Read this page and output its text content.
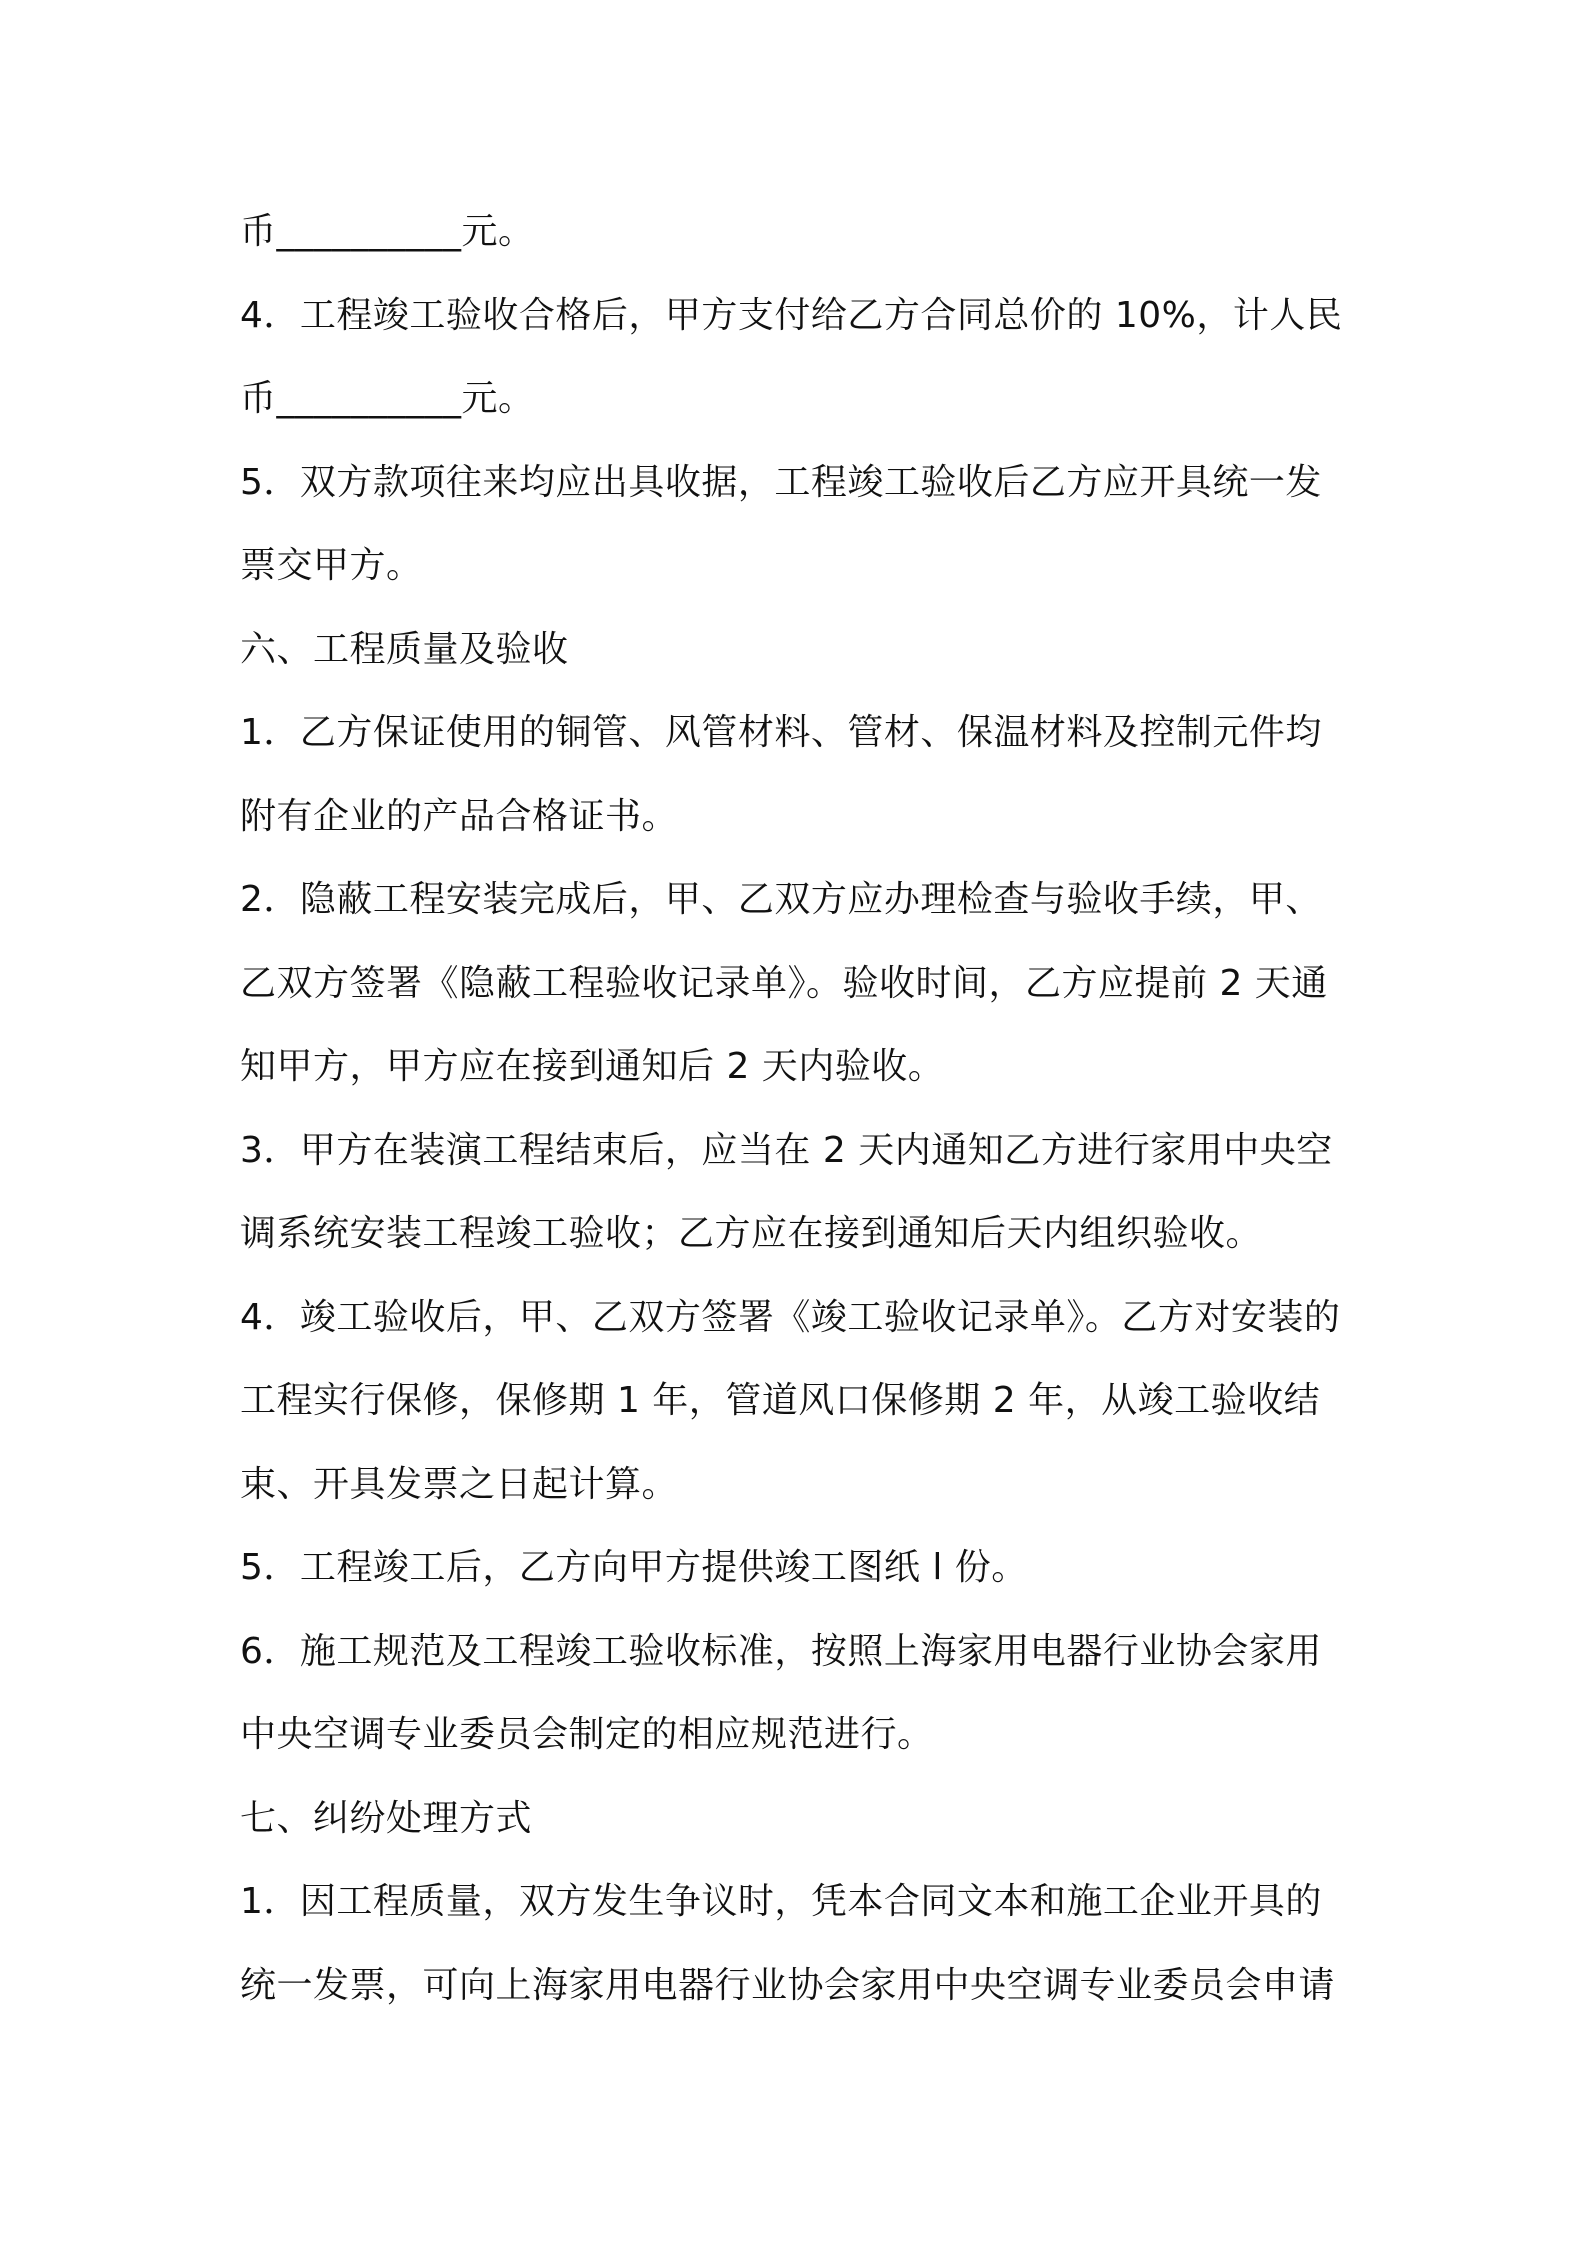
币__________元。
4．工程竣工验收合格后，甲方支付给乙方合同总价的 10%，计人民
币__________元。
5．双方款项往来均应出具收据，工程竣工验收后乙方应开具统一发
票交甲方。
六、工程质量及验收
1．乙方保证使用的铜管、风管材料、管材、保温材料及控制元件均
附有企业的产品合格证书。
2．隐蔽工程安装完成后，甲、乙双方应办理检查与验收手续，甲、
乙双方签署《隐蔽工程验收记录单》。验收时间，乙方应提前 2 天通
知甲方，甲方应在接到通知后 2 天内验收。
3．甲方在装演工程结束后，应当在 2 天内通知乙方进行家用中央空
调系统安装工程竣工验收；乙方应在接到通知后天内组织验收。
4．竣工验收后，甲、乙双方签署《竣工验收记录单》。乙方对安装的
工程实行保修，保修期 1 年，管道风口保修期 2 年，从竣工验收结
束、开具发票之日起计算。
5．工程竣工后，乙方向甲方提供竣工图纸 l 份。
6．施工规范及工程竣工验收标准，按照上海家用电器行业协会家用
中央空调专业委员会制定的相应规范进行。
七、纠纷处理方式
1．因工程质量，双方发生争议时，凭本合同文本和施工企业开具的
统一发票，可向上海家用电器行业协会家用中央空调专业委员会申请
